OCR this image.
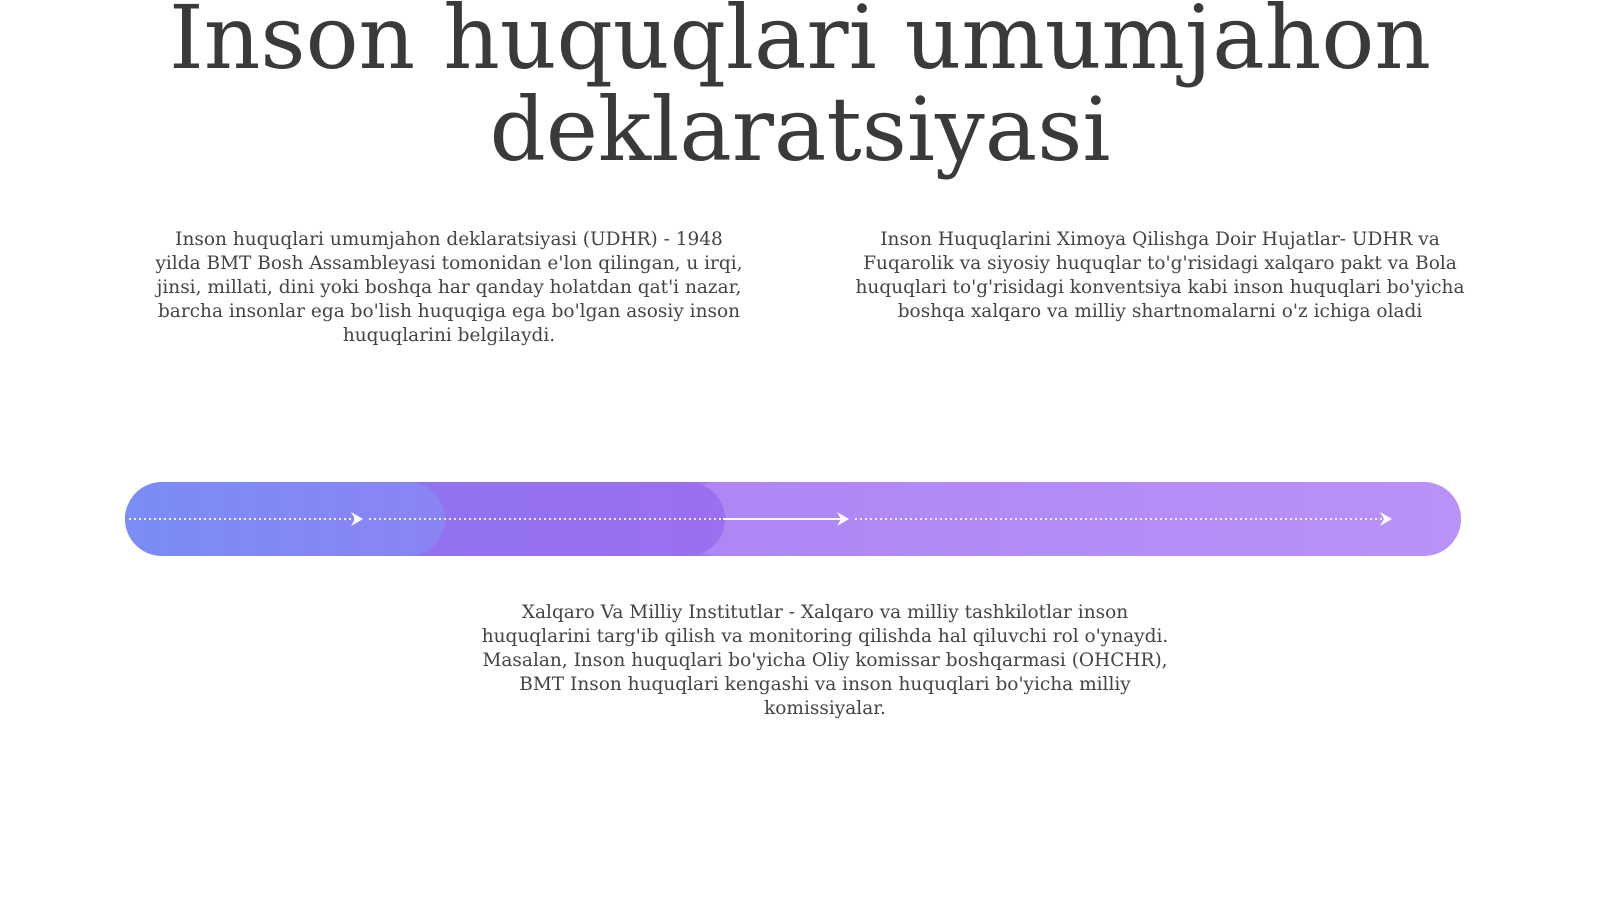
Inson huquqlari umumjahon deklaratsiyasi

Inson huquqlari umumjahon deklaratsiyasi (UDHR) - 1948 yilda BMT Bosh Assambleyasi tomonidan e'lon qilingan, u irqi, jinsi, millati, dini yoki boshqa har qanday holatdan qat'i nazar, barcha insonlar ega bo'lish huquqiga ega bo'lgan asosiy inson huquqlarini belgilaydi.

Inson Huquqlarini Ximoya Qilishga Doir Hujatlar- UDHR va Fuqarolik va siyosiy huquqlar to'g'risidagi xalqaro pakt va Bola huquqlari to'g'risidagi konventsiya kabi inson huquqlari bo'yicha boshqa xalqaro va milliy shartnomalarni o'z ichiga oladi

Xalqaro Va Milliy Institutlar - Xalqaro va milliy tashkilotlar inson huquqlarini targ'ib qilish va monitoring qilishda hal qiluvchi rol o'ynaydi. Masalan, Inson huquqlari bo'yicha Oliy komissar boshqarmasi (OHCHR), BMT Inson huquqlari kengashi va inson huquqlari bo'yicha milliy komissiyalar.
